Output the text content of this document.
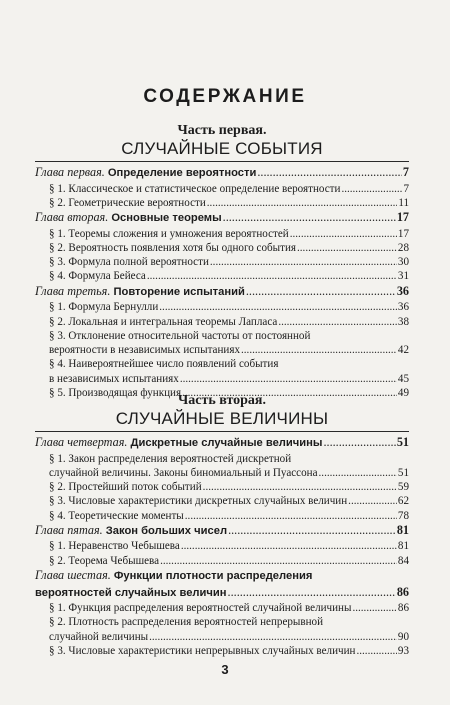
СОДЕРЖАНИЕ
Часть первая.
СЛУЧАЙНЫЕ СОБЫТИЯ
Глава первая. Определение вероятности .....	7
§ 1. Классическое и статистическое определение вероятности .....	7
§ 2. Геометрические вероятности .....	11
Глава вторая. Основные теоремы .....	17
§ 1. Теоремы сложения и умножения вероятностей .....	17
§ 2. Вероятность появления хотя бы одного события .....	28
§ 3. Формула полной вероятности .....	30
§ 4. Формула Бейеса .....	31
Глава третья. Повторение испытаний .....	36
§ 1. Формула Бернулли .....	36
§ 2. Локальная и интегральная теоремы Лапласа .....	38
§ 3. Отклонение относительной частоты от постоянной
вероятности в независимых испытаниях .....	42
§ 4. Наивероятнейшее число появлений события
в независимых испытаниях .....	45
§ 5. Производящая функция .....	49
Часть вторая.
СЛУЧАЙНЫЕ ВЕЛИЧИНЫ
Глава четвертая. Дискретные случайные величины .....	51
§ 1. Закон распределения вероятностей дискретной
случайной величины. Законы биномиальный и Пуассона .....	51
§ 2. Простейший поток событий .....	59
§ 3. Числовые характеристики дискретных случайных величин .....	62
§ 4. Теоретические моменты .....	78
Глава пятая. Закон больших чисел .....	81
§ 1. Неравенство Чебышева .....	81
§ 2. Теорема Чебышева .....	84
Глава шестая. Функции плотности распределения
вероятностей случайных величин .....	86
§ 1. Функция распределения вероятностей случайной величины .....	86
§ 2. Плотность распределения вероятностей непрерывной
случайной величины .....	90
§ 3. Числовые характеристики непрерывных случайных величин .....	93
3
